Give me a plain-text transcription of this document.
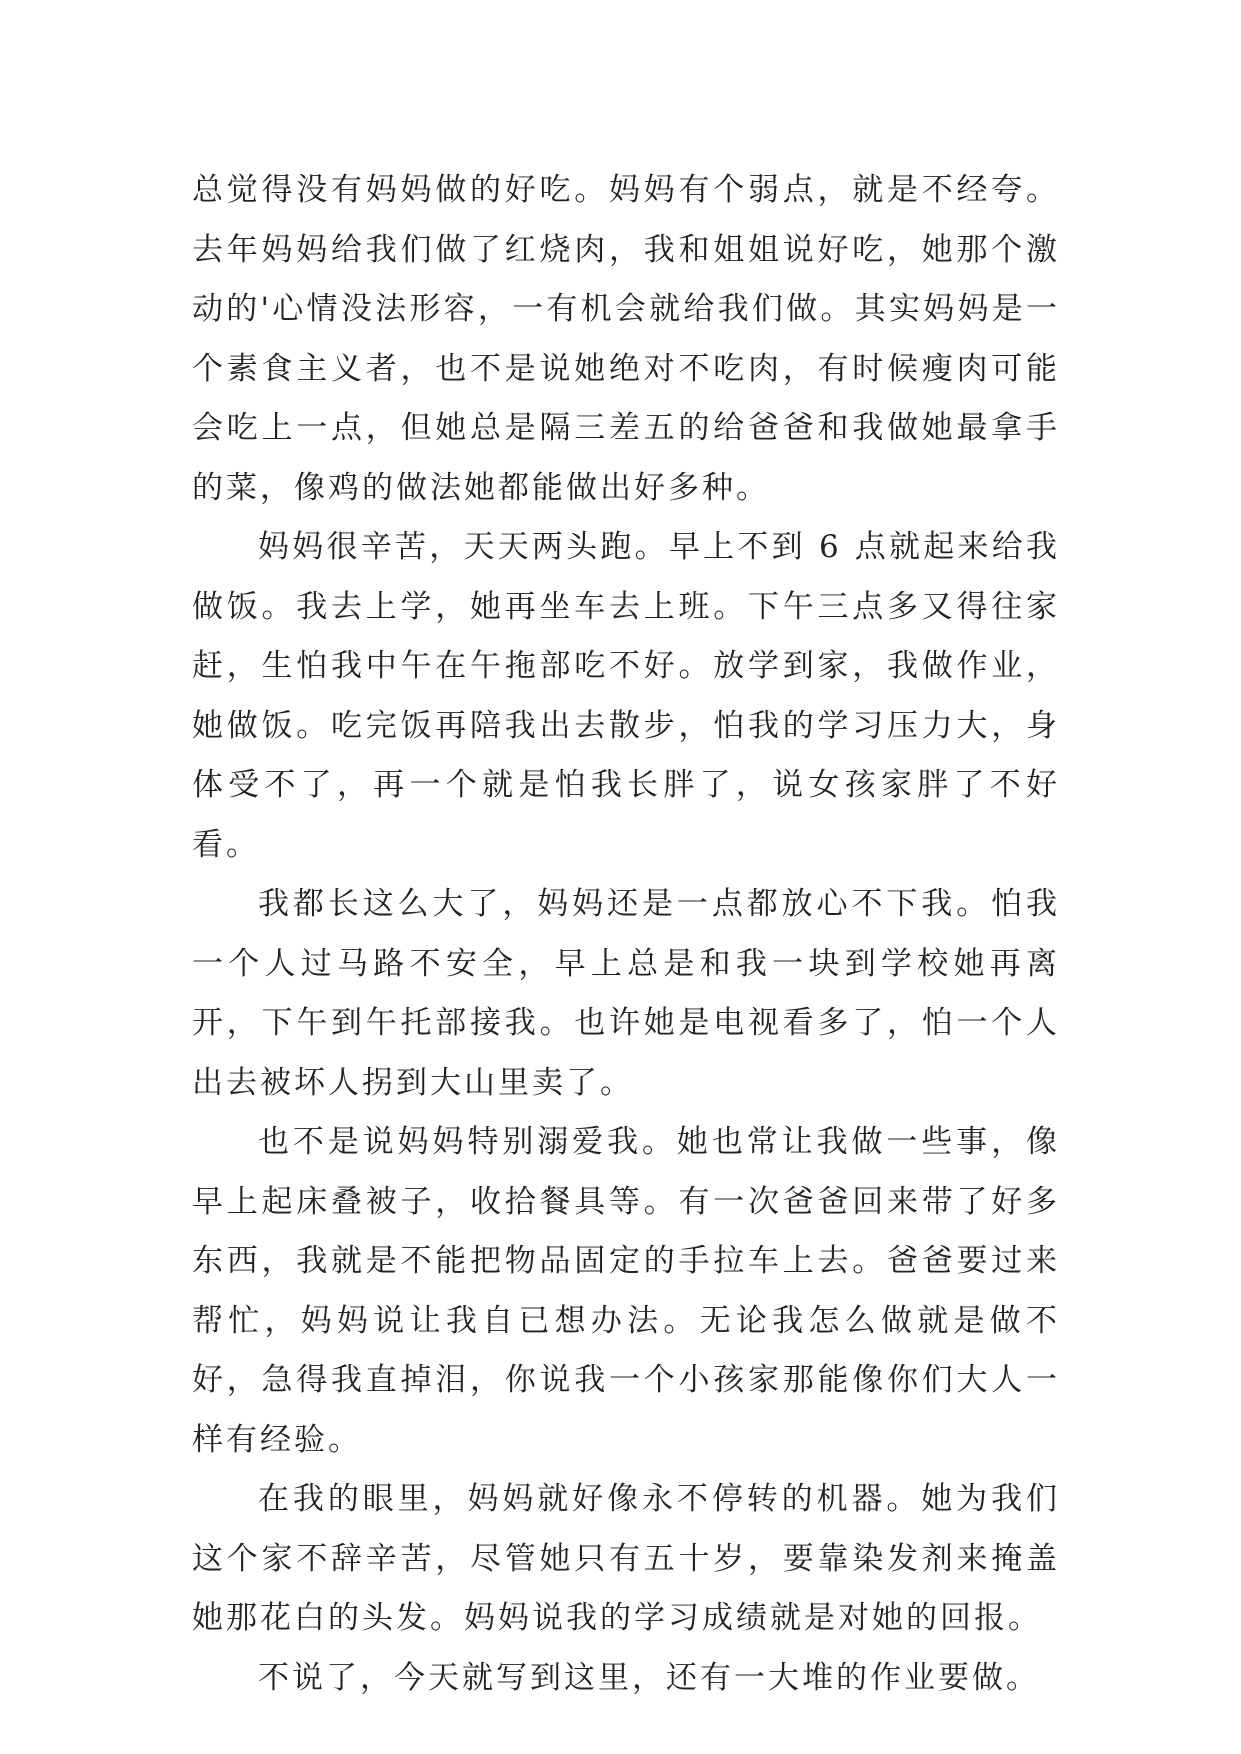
总觉得没有妈妈做的好吃。妈妈有个弱点，就是不经夸。去年妈妈给我们做了红烧肉，我和姐姐说好吃，她那个激动的'心情没法形容，一有机会就给我们做。其实妈妈是一个素食主义者，也不是说她绝对不吃肉，有时候瘦肉可能会吃上一点，但她总是隔三差五的给爸爸和我做她最拿手的菜，像鸡的做法她都能做出好多种。

妈妈很辛苦，天天两头跑。早上不到 6 点就起来给我做饭。我去上学，她再坐车去上班。下午三点多又得往家赶，生怕我中午在午拖部吃不好。放学到家，我做作业，她做饭。吃完饭再陪我出去散步，怕我的学习压力大，身体受不了，再一个就是怕我长胖了，说女孩家胖了不好看。

我都长这么大了，妈妈还是一点都放心不下我。怕我一个人过马路不安全，早上总是和我一块到学校她再离开，下午到午托部接我。也许她是电视看多了，怕一个人出去被坏人拐到大山里卖了。

也不是说妈妈特别溺爱我。她也常让我做一些事，像早上起床叠被子，收拾餐具等。有一次爸爸回来带了好多东西，我就是不能把物品固定的手拉车上去。爸爸要过来帮忙，妈妈说让我自已想办法。无论我怎么做就是做不好，急得我直掉泪，你说我一个小孩家那能像你们大人一样有经验。

在我的眼里，妈妈就好像永不停转的机器。她为我们这个家不辞辛苦，尽管她只有五十岁，要靠染发剂来掩盖她那花白的头发。妈妈说我的学习成绩就是对她的回报。

不说了，今天就写到这里，还有一大堆的作业要做。
